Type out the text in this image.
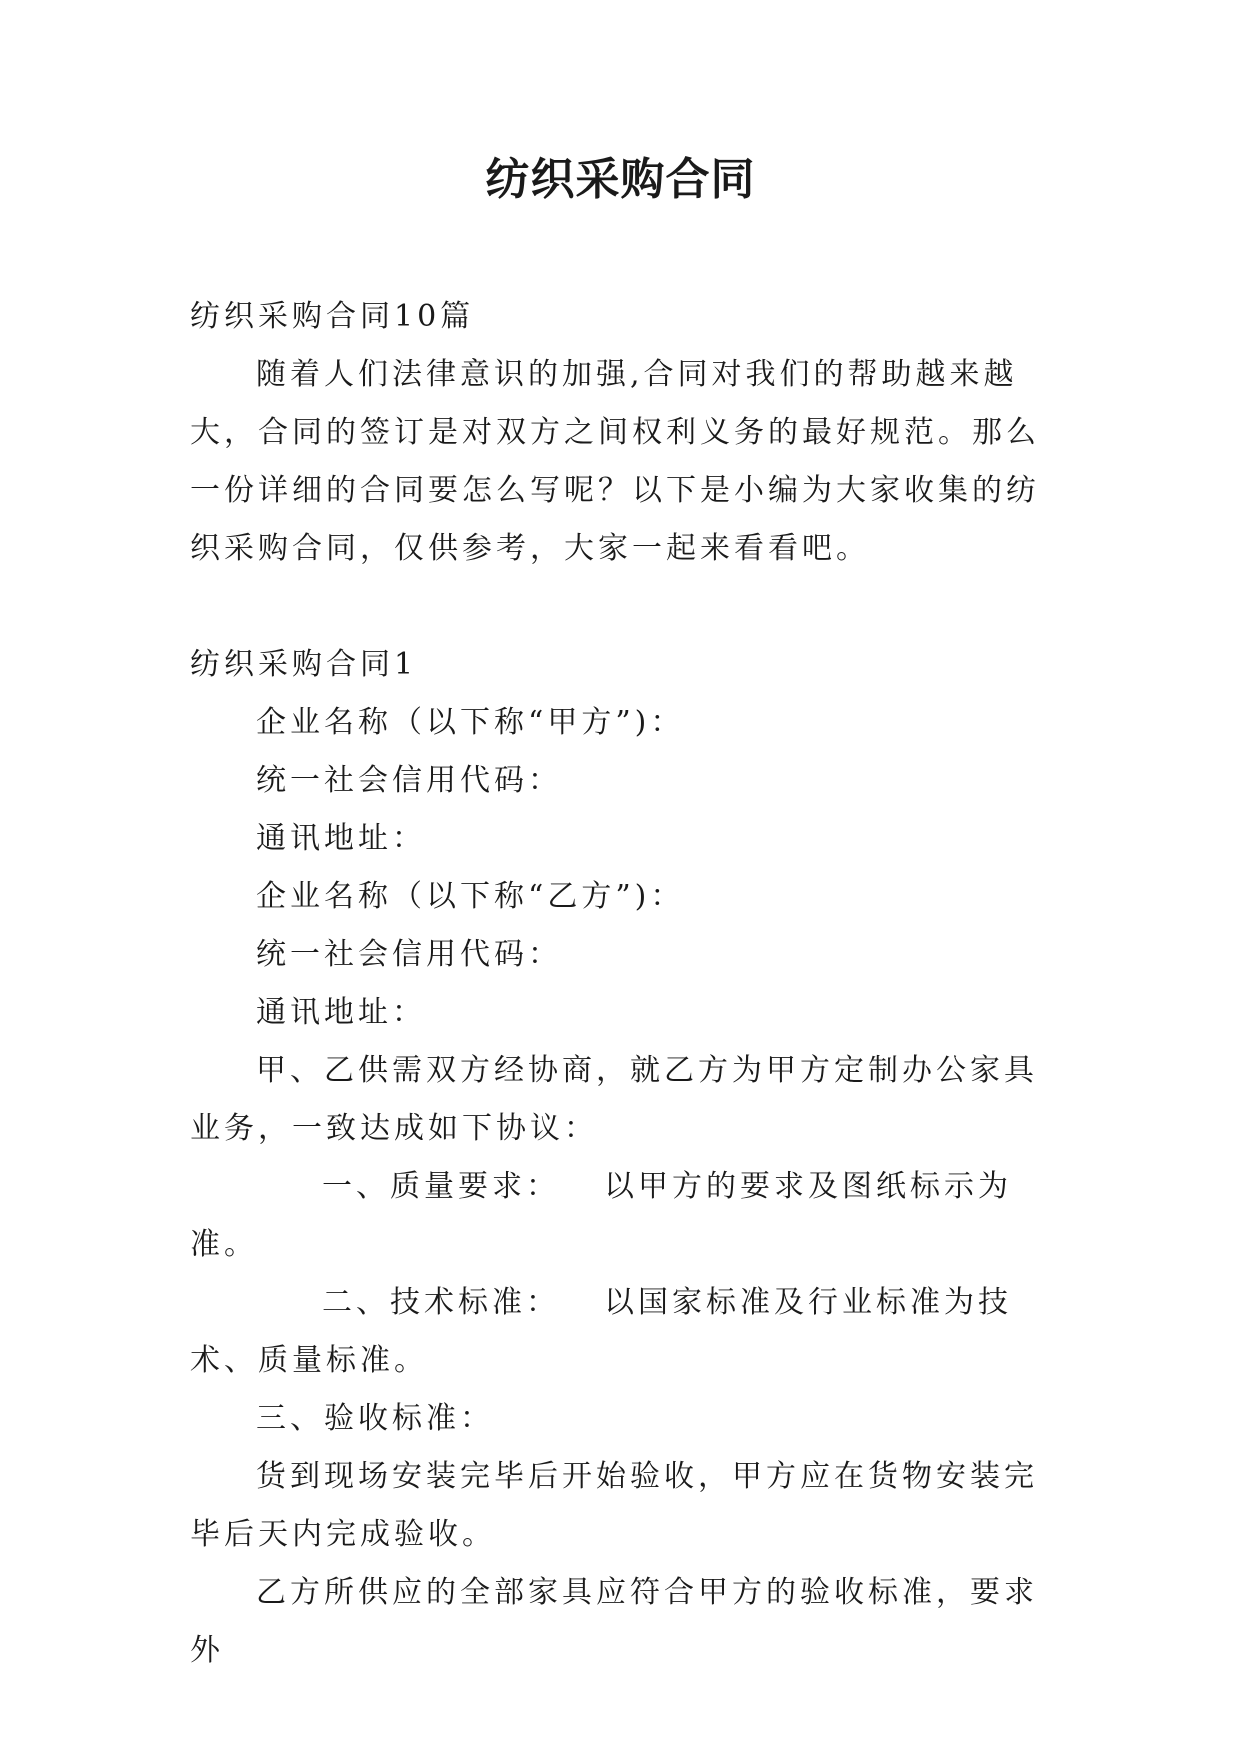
纺织采购合同

纺织采购合同10篇

随着人们法律意识的加强,合同对我们的帮助越来越大，合同的签订是对双方之间权利义务的最好规范。那么一份详细的合同要怎么写呢？以下是小编为大家收集的纺织采购合同，仅供参考，大家一起来看看吧。

纺织采购合同1

企业名称（以下称“甲方”)：

统一社会信用代码：

通讯地址：

企业名称（以下称“乙方”)：

统一社会信用代码：

通讯地址：

甲、乙供需双方经协商，就乙方为甲方定制办公家具业务，一致达成如下协议：

一、质量要求： 以甲方的要求及图纸标示为准。

二、技术标准： 以国家标准及行业标准为技术、质量标准。

三、验收标准：

货到现场安装完毕后开始验收，甲方应在货物安装完毕后天内完成验收。

乙方所供应的全部家具应符合甲方的验收标准，要求外
